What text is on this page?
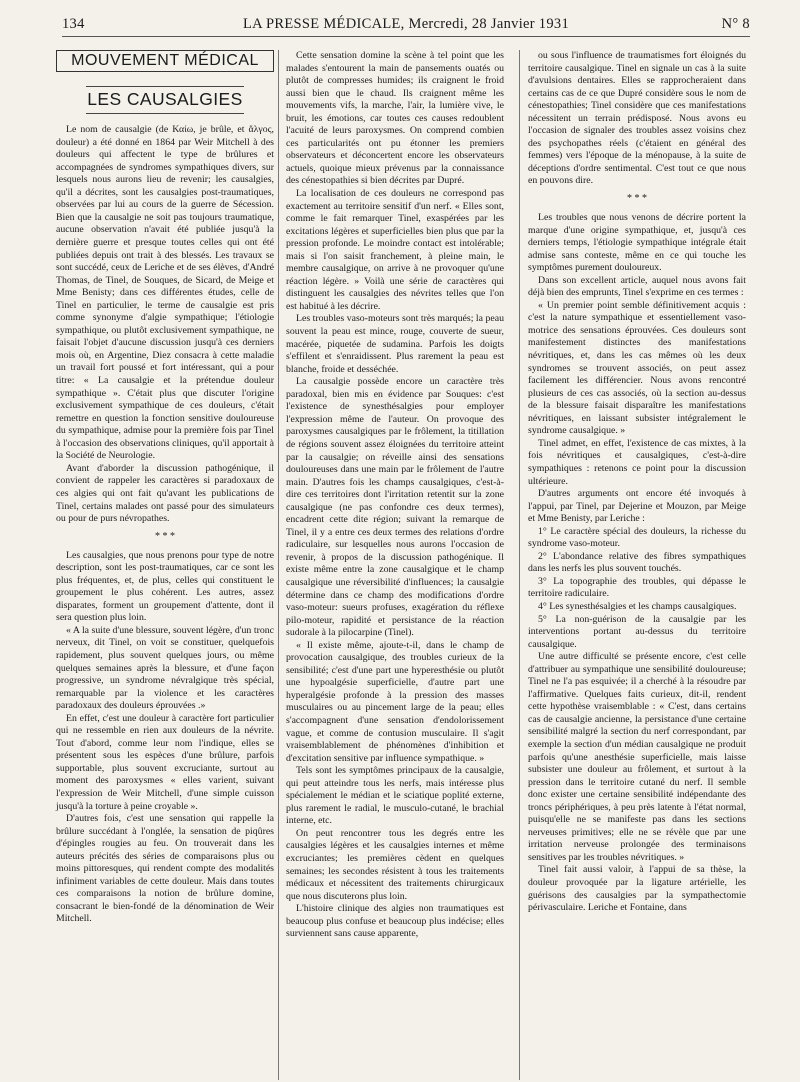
134	LA PRESSE MÉDICALE, Mercredi, 28 Janvier 1931	N° 8
MOUVEMENT MÉDICAL
LES CAUSALGIES

Le nom de causalgie (de Καίω, je brûle, et ἄλγος, douleur) a été donné en 1864 par Weir Mitchell à des douleurs qui affectent le type de brûlures et accompagnées de syndromes sympathiques divers, sur lesquels nous aurons lieu de revenir; les causalgies, qu'il a décrites, sont les causalgies post-traumatiques, observées par lui au cours de la guerre de Sécession. Bien que la causalgie ne soit pas toujours traumatique, aucune observation n'avait été publiée jusqu'à la dernière guerre et presque toutes celles qui ont été publiées depuis ont trait à des blessés. Les travaux se sont succédé, ceux de Leriche et de ses élèves, d'André Thomas, de Tinel, de Souques, de Sicard, de Meige et Mme Benisty; dans ces différentes études, celle de Tinel en particulier, le terme de causalgie est pris comme synonyme d'algie sympathique; l'étiologie sympathique, ou plutôt exclusivement sympathique, ne faisait l'objet d'aucune discussion jusqu'à ces derniers mois où, en Argentine, Diez consacra à cette maladie un travail fort poussé et fort intéressant, qui a pour titre: « La causalgie et la prétendue douleur sympathique ». C'était plus que discuter l'origine exclusivement sympathique de ces douleurs, c'était remettre en question la fonction sensitive douloureuse du sympathique, admise pour la première fois par Tinel à l'occasion des observations cliniques, qu'il apportait à la Société de Neurologie.

Avant d'aborder la discussion pathogénique, il convient de rappeler les caractères si paradoxaux de ces algies qui ont fait qu'avant les publications de Tinel, certains malades ont passé pour des simulateurs ou pour de purs névropathes.

* * *

Les causalgies, que nous prenons pour type de notre description, sont les post-traumatiques, car ce sont les plus fréquentes, et, de plus, celles qui constituent le groupement le plus cohérent. Les autres, assez disparates, forment un groupement d'attente, dont il sera question plus loin.

« A la suite d'une blessure, souvent légère, d'un tronc nerveux, dit Tinel, on voit se constituer, quelquefois rapidement, plus souvent quelques jours, ou même quelques semaines après la blessure, et d'une façon progressive, un syndrome névralgique très spécial, remarquable par la violence et les caractères paradoxaux des douleurs éprouvées .»

En effet, c'est une douleur à caractère fort particulier qui ne ressemble en rien aux douleurs de la névrite. Tout d'abord, comme leur nom l'indique, elles se présentent sous les espèces d'une brûlure, parfois supportable, plus souvent excruciante, surtout au moment des paroxysmes « elles varient, suivant l'expression de Weir Mitchell, d'une simple cuisson jusqu'à la torture à peine croyable ».

D'autres fois, c'est une sensation qui rappelle la brûlure succédant à l'onglée, la sensation de piqûres d'épingles rougies au feu. On trouverait dans les auteurs précités des séries de comparaisons plus ou moins pittoresques, qui rendent compte des modalités infiniment variables de cette douleur. Mais dans toutes ces comparaisons la notion de brûlure domine, consacrant le bien-fondé de la dénomination de Weir Mitchell.

Cette sensation domine la scène à tel point que les malades s'entourent la main de pansements ouatés ou plutôt de compresses humides; ils craignent le froid aussi bien que le chaud. Ils craignent même les mouvements vifs, la marche, l'air, la lumière vive, le bruit, les émotions, car toutes ces causes redoublent l'acuité de leurs paroxysmes. On comprend combien ces particularités ont pu étonner les premiers observateurs et déconcertent encore les observateurs actuels, quoique mieux prévenus par la connaissance des cénestopathies si bien décrites par Dupré.

La localisation de ces douleurs ne correspond pas exactement au territoire sensitif d'un nerf. « Elles sont, comme le fait remarquer Tinel, exaspérées par les excitations légères et superficielles bien plus que par la pression profonde. Le moindre contact est intolérable; mais si l'on saisit franchement, à pleine main, le membre causalgique, on arrive à ne provoquer qu'une réaction légère. » Voilà une série de caractères qui distinguent les causalgies des névrites telles que l'on est habitué à les décrire.

Les troubles vaso-moteurs sont très marqués; la peau souvent la peau est mince, rouge, couverte de sueur, macérée, piquetée de sudamina. Parfois les doigts s'effilent et s'enraidissent. Plus rarement la peau est blanche, froide et desséchée.

La causalgie possède encore un caractère très paradoxal, bien mis en évidence par Souques: c'est l'existence de synesthésalgies pour employer l'expression même de l'auteur. On provoque des paroxysmes causalgiques par le frôlement, la titillation de régions souvent assez éloignées du territoire atteint par la causalgie; on réveille ainsi des sensations douloureuses dans une main par le frôlement de l'autre main. D'autres fois les champs causalgiques, c'est-à-dire ces territoires dont l'irritation retentit sur la zone causalgique (ne pas confondre ces deux termes), encadrent cette dite région; suivant la remarque de Tinel, il y a entre ces deux termes des relations d'ordre radiculaire, sur lesquelles nous aurons l'occasion de revenir, à propos de la discussion pathogénique. Il existe même entre la zone causalgique et le champ causalgique une réversibilité d'influences; la causalgie détermine dans ce champ des modifications d'ordre vaso-moteur: sueurs profuses, exagération du réflexe pilo-moteur, rapidité et persistance de la réaction sudorale à la pilocarpine (Tinel).

« Il existe même, ajoute-t-il, dans le champ de provocation causalgique, des troubles curieux de la sensibilité; c'est d'une part une hyperesthésie ou plutôt une hypoalgésie superficielle, d'autre part une hyperalgésie profonde à la pression des masses musculaires ou au pincement large de la peau; elles s'accompagnent d'une sensation d'endolorissement vague, et comme de contusion musculaire. Il s'agit vraisemblablement de phénomènes d'inhibition et d'excitation sensitive par influence sympathique. »

Tels sont les symptômes principaux de la causalgie, qui peut atteindre tous les nerfs, mais intéresse plus spécialement le médian et le sciatique poplité externe, plus rarement le radial, le musculo-cutané, le brachial interne, etc.

On peut rencontrer tous les degrés entre les causalgies légères et les causalgies internes et même excruciantes; les premières cèdent en quelques semaines; les secondes résistent à tous les traitements médicaux et nécessitent des traitements chirurgicaux que nous discuterons plus loin.

L'histoire clinique des algies non traumatiques est beaucoup plus confuse et beaucoup plus indécise; elles surviennent sans cause apparente,

ou sous l'influence de traumatismes fort éloignés du territoire causalgique. Tinel en signale un cas à la suite d'avulsions dentaires. Elles se rapprocheraient dans certains cas de ce que Dupré considère sous le nom de cénestopathies; Tinel considère que ces manifestations nécessitent un terrain prédisposé. Nous avons eu l'occasion de signaler des troubles assez voisins chez des psychopathes réels (c'étaient en général des femmes) vers l'époque de la ménopause, à la suite de déceptions d'ordre sentimental. C'est tout ce que nous en pouvons dire.

* * *

Les troubles que nous venons de décrire portent la marque d'une origine sympathique, et, jusqu'à ces derniers temps, l'étiologie sympathique intégrale était admise sans conteste, même en ce qui touche les symptômes purement douloureux.

Dans son excellent article, auquel nous avons fait déjà bien des emprunts, Tinel s'exprime en ces termes :

« Un premier point semble définitivement acquis : c'est la nature sympathique et essentiellement vaso-motrice des sensations éprouvées. Ces douleurs sont manifestement distinctes des manifestations névritiques, et, dans les cas mêmes où les deux syndromes se trouvent associés, on peut assez facilement les différencier. Nous avons rencontré plusieurs de ces cas associés, où la section au-dessus de la blessure faisait disparaître les manifestations névritiques, en laissant subsister intégralement le syndrome causalgique. »

Tinel admet, en effet, l'existence de cas mixtes, à la fois névritiques et causalgiques, c'est-à-dire sympathiques : retenons ce point pour la discussion ultérieure.

D'autres arguments ont encore été invoqués à l'appui, par Tinel, par Dejerine et Mouzon, par Meige et Mme Benisty, par Leriche :

1° Le caractère spécial des douleurs, la richesse du syndrome vaso-moteur.

2° L'abondance relative des fibres sympathiques dans les nerfs les plus souvent touchés.

3° La topographie des troubles, qui dépasse le territoire radiculaire.

4° Les synesthésalgies et les champs causalgiques.

5° La non-guérison de la causalgie par les interventions portant au-dessus du territoire causalgique.

Une autre difficulté se présente encore, c'est celle d'attribuer au sympathique une sensibilité douloureuse; Tinel ne l'a pas esquivée; il a cherché à la résoudre par l'affirmative. Quelques faits curieux, dit-il, rendent cette hypothèse vraisemblable : « C'est, dans certains cas de causalgie ancienne, la persistance d'une certaine sensibilité malgré la section du nerf correspondant, par exemple la section d'un médian causalgique ne produit parfois qu'une anesthésie superficielle, mais laisse subsister une douleur au frôlement, et surtout à la pression dans le territoire cutané du nerf. Il semble donc exister une certaine sensibilité indépendante des troncs périphériques, à peu près latente à l'état normal, puisqu'elle ne se manifeste pas dans les sections nerveuses primitives; elle ne se révèle que par une irritation nerveuse prolongée des terminaisons sensitives par les troubles névritiques. »

Tinel fait aussi valoir, à l'appui de sa thèse, la douleur provoquée par la ligature artérielle, les guérisons des causalgies par la sympathectomie périvasculaire. Leriche et Fontaine, dans
